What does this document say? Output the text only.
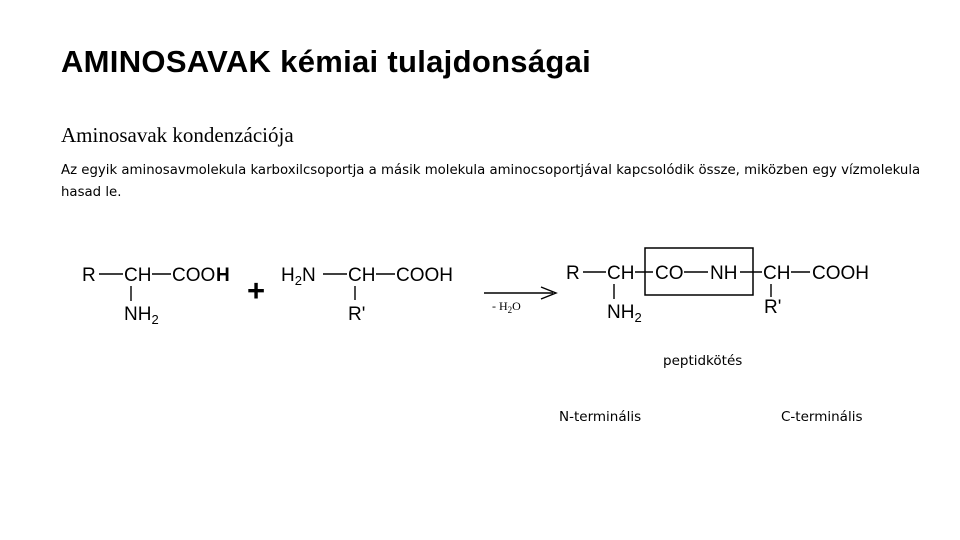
AMINOSAVAK kémiai tulajdonságai
Aminosavak kondenzációja
Az egyik aminosavmolekula karboxilcsoportja a másik molekula aminocsoportjával kapcsolódik össze, miközben egy vízmolekula hasad le.
R CH COO H
$NH_2$
+ $H_2N$ CH COOH
R'	- $H_2O$
R CH CO NH CH COOH
$NH_2$	R'
peptidkötés
N-terminális	C-terminális
